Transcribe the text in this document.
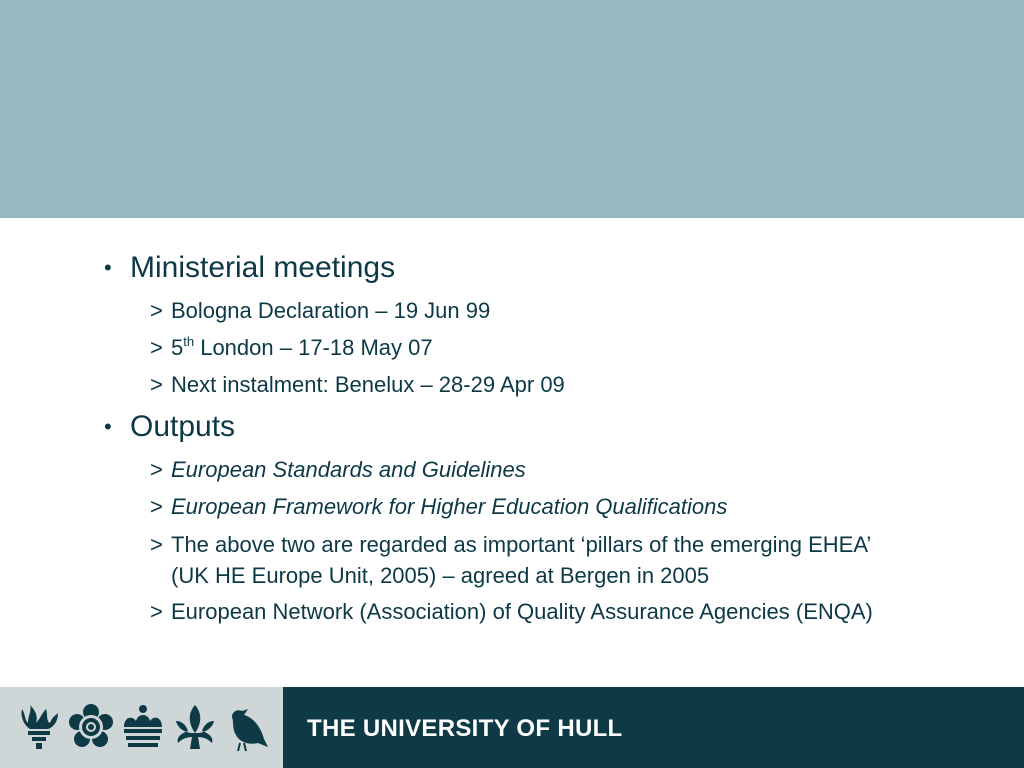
• Ministerial meetings
> Bologna Declaration – 19 Jun 99
> 5th London – 17-18 May 07
> Next instalment: Benelux – 28-29 Apr 09
• Outputs
> European Standards and Guidelines
> European Framework for Higher Education Qualifications
> The above two are regarded as important ‘pillars of the emerging EHEA’ (UK HE Europe Unit, 2005) – agreed at Bergen in 2005
> European Network (Association) of Quality Assurance Agencies (ENQA)
THE UNIVERSITY OF HULL
